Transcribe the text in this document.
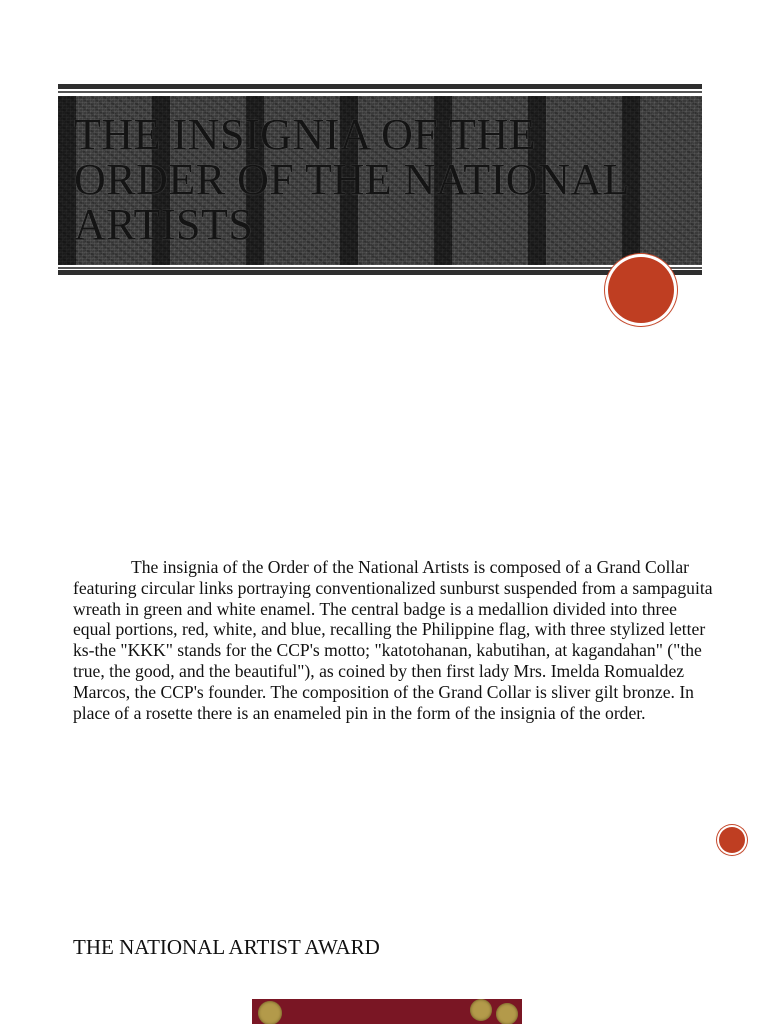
THE INSIGNIA OF THE ORDER OF THE NATIONAL ARTISTS

The insignia of the Order of the National Artists is composed of a Grand Collar featuring circular links portraying conventionalized sunburst suspended from a sampaguita wreath in green and white enamel. The central badge is a medallion divided into three equal portions, red, white, and blue, recalling the Philippine flag, with three stylized letter ks-the "KKK" stands for the CCP's motto; "katotohanan, kabutihan, at kagandahan" ("the true, the good, and the beautiful"), as coined by then first lady Mrs. Imelda Romualdez Marcos, the CCP's founder. The composition of the Grand Collar is sliver gilt bronze. In place of a rosette there is an enameled pin in the form of the insignia of the order.

THE NATIONAL ARTIST AWARD
